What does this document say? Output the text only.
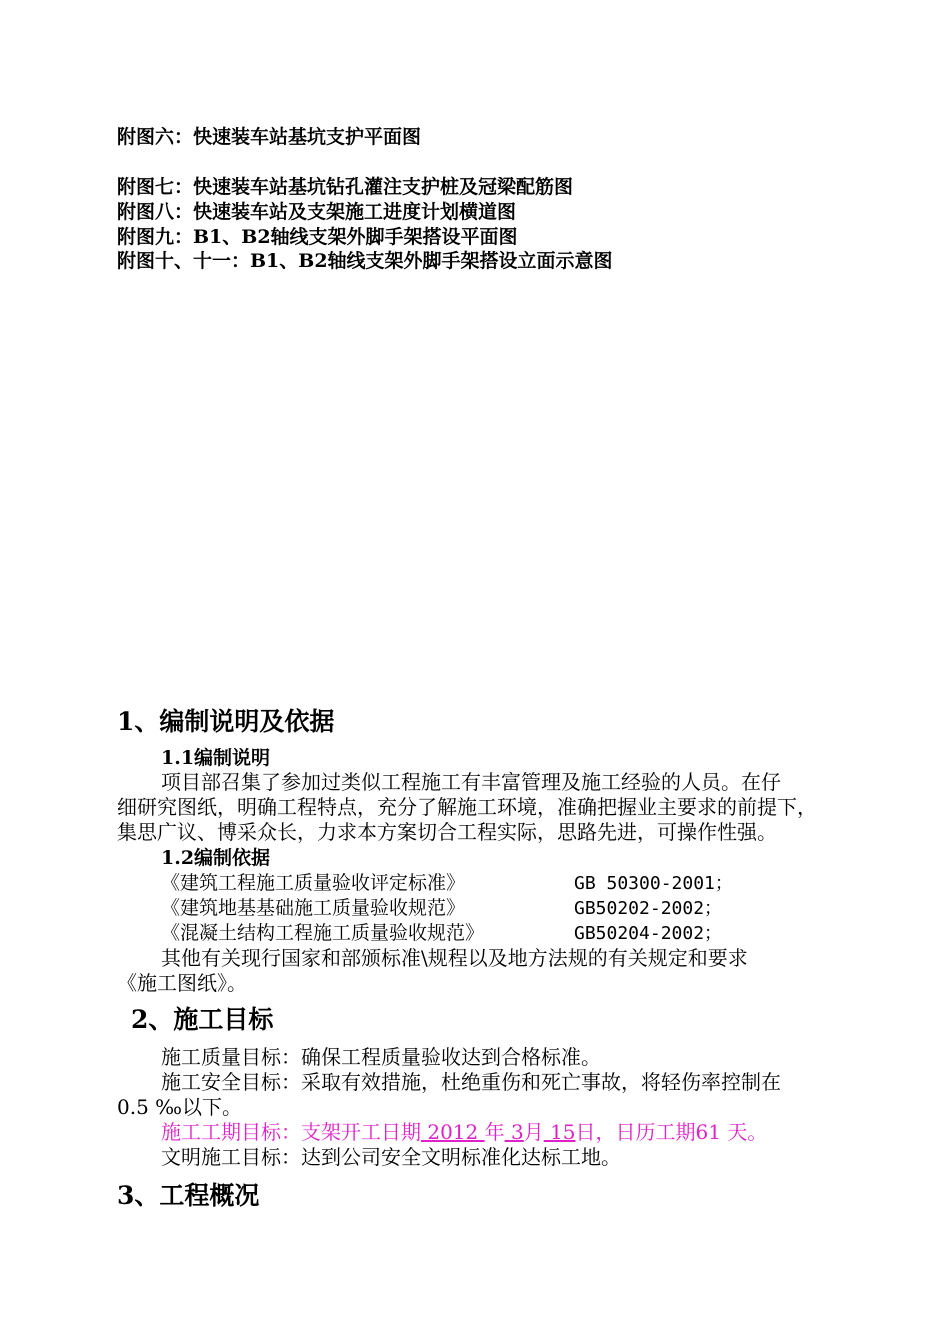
附图六：快速装车站基坑支护平面图
附图七：快速装车站基坑钻孔灌注支护桩及冠梁配筋图
附图八：快速装车站及支架施工进度计划横道图
附图九：B1、B2轴线支架外脚手架搭设平面图
附图十、十一：B1、B2轴线支架外脚手架搭设立面示意图
1、编制说明及依据
1.1编制说明
项目部召集了参加过类似工程施工有丰富管理及施工经验的人员。在仔
细研究图纸，明确工程特点，充分了解施工环境，准确把握业主要求的前提下，
集思广议、博采众长，力求本方案切合工程实际，思路先进，可操作性强。
1.2编制依据
《建筑工程施工质量验收评定标准》	GB 50300-2001；
《建筑地基基础施工质量验收规范》	GB50202-2002；
《混凝土结构工程施工质量验收规范》	GB50204-2002；
其他有关现行国家和部颁标准\规程以及地方法规的有关规定和要求
《施工图纸》。
2、施工目标
施工质量目标：确保工程质量验收达到合格标准。
施工安全目标：采取有效措施，杜绝重伤和死亡事故，将轻伤率控制在
0.5 ‰以下。
施工工期目标：支架开工日期 2012 年 3月 15日，日历工期61 天。
文明施工目标：达到公司安全文明标准化达标工地。
3、工程概况
